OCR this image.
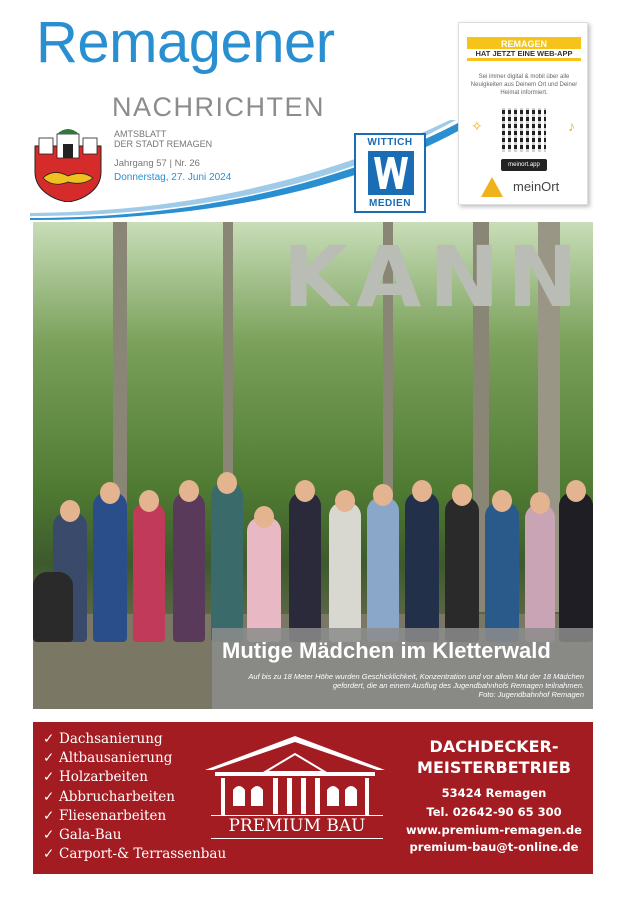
Remagener
NACHRICHTEN
AMTSBLATT
DER STADT REMAGEN
Jahrgang 57 | Nr. 26
Donnerstag, 27. Juni 2024
WITTICH
MEDIEN
REMAGEN
HAT JETZT EINE WEB-APP
Sei immer digital & mobil über alle Neuigkeiten aus Deinem Ort und Deiner Heimat informiert.
✧	♪
meinort.app
meinOrt
KANN
Mutige Mädchen im Kletterwald
Auf bis zu 18 Meter Höhe wurden Geschicklichkeit, Konzentration und vor allem Mut der 18 Mädchen gefordert, die an einem Ausflug des Jugendbahnhofs Remagen teilnahmen.
Foto: Jugendbahnhof Remagen

✓ Dachsanierung
✓ Altbausanierung
✓ Holzarbeiten
✓ Abbrucharbeiten
✓ Fliesenarbeiten
✓ Gala-Bau
✓ Carport-& Terrassenbau
PREMIUM BAU
DACHDECKER-
MEISTERBETRIEB
53424 Remagen
Tel. 02642-90 65 300
www.premium-remagen.de
premium-bau@t-online.de
